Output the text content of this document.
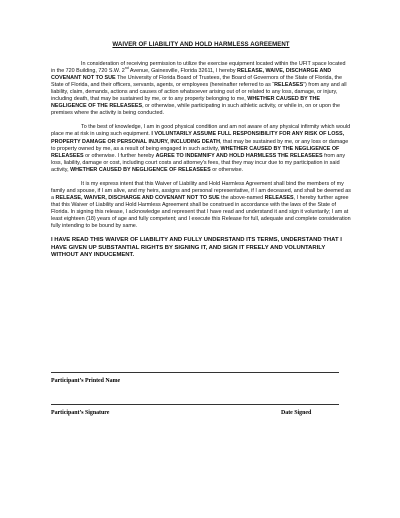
WAIVER OF LIABILITY AND HOLD HARMLESS AGREEMENT

In consideration of receiving permission to utilize the exercise equipment located within the UFIT space located in the 720 Building, 720 S.W. 2nd Avenue, Gainesville, Florida 32611, I hereby RELEASE, WAIVE, DISCHARGE AND COVENANT NOT TO SUE The University of Florida Board of Trustees, the Board of Governors of the State of Florida, the State of Florida, and their officers, servants, agents, or employees (hereinafter referred to as “RELEASES”) from any and all liability, claim, demands, actions and causes of action whatsoever arising out of or related to any loss, damage, or injury, including death, that may be sustained by me, or to any property belonging to me, WHETHER CAUSED BY THE NEGLIGENCE OF THE RELEASEES, or otherwise, while participating in such athletic activity, or while in, on or upon the premises where the activity is being conducted.

To the best of knowledge, I am in good physical condition and am not aware of any physical infirmity which would place me at risk in using such equipment. I VOLUNTARILY ASSUME FULL RESPONSIBILITY FOR ANY RISK OF LOSS, PROPERTY DAMAGE OR PERSONAL INJURY, INCLUDING DEATH, that may be sustained by me, or any loss or damage to property owned by me, as a result of being engaged in such activity, WHETHER CAUSED BY THE NEGLIGENCE OF RELEASEES or otherwise. I further hereby AGREE TO INDEMNIFY AND HOLD HARMLESS THE RELEASEES from any loss, liability, damage or cost, including court costs and attorney's fees, that they may incur due to my participation in said activity, WHETHER CAUSED BY NEGLIGENCE OF RELEASEES or otherwise.

It is my express intent that this Waiver of Liability and Hold Harmless Agreement shall bind the members of my family and spouse, if I am alive, and my heirs, assigns and personal representative, if I am deceased, and shall be deemed as a RELEASE, WAIVER, DISCHARGE AND COVENANT NOT TO SUE the above-named RELEASES, I hereby further agree that this Waiver of Liability and Hold Harmless Agreement shall be construed in accordance with the laws of the State of Florida. In signing this release, I acknowledge and represent that I have read and understand it and sign it voluntarily; I am at least eighteen (18) years of age and fully competent; and I execute this Release for full, adequate and complete consideration fully intending to be bound by same.

I HAVE READ THIS WAIVER OF LIABILITY AND FULLY UNDERSTAND ITS TERMS, UNDERSTAND THAT I HAVE GIVEN UP SUBSTANTIAL RIGHTS BY SIGNING IT, AND SIGN IT FREELY AND VOLUNTARILY WITHOUT ANY INDUCEMENT.

Participant’s Printed Name
Participant’s Signature	Date Signed
